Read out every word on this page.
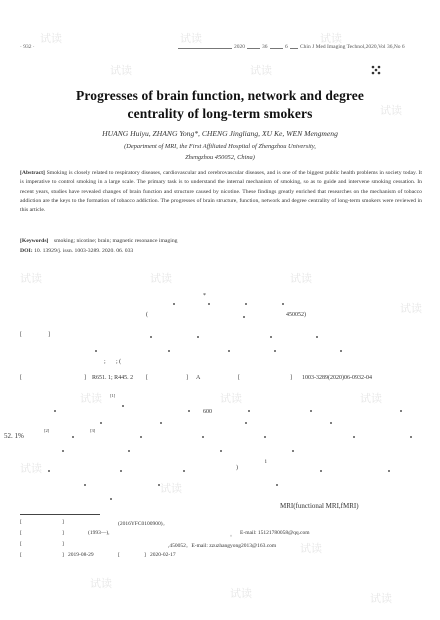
· 932 ·	2020	36	6	Chin J Med Imaging Technol,2020,Vol 36,No 6
Progresses of brain function, network and degree
centrality of long-term smokers
HUANG Huiyu, ZHANG Yong*, CHENG Jingliang, XU Ke, WEN Mengmeng
(Department of MRI, the First Affiliated Hospital of Zhengzhou University,
Zhengzhou 450052, China)
[Abstract] Smoking is closely related to respiratory diseases, cardiovascular and cerebrovascular diseases, and is one of the biggest public health problems in society today. It is imperative to control smoking in a large scale. The primary task is to understand the internal mechanism of smoking, so as to guide and intervene smoking cessation. In recent years, studies have revealed changes of brain function and structure caused by nicotine. These findings greatly enriched that researches on the mechanism of tobacco addiction are the keys to the formation of tobacco addiction. The progresses of brain structure, function, network and degree centrality of long-term smokers were reviewed in this article.
[Keywords] smoking; nicotine; brain; magnetic resonance imaging
DOI: 10. 13929/j. issn. 1003-3289. 2020. 06. 033
*
(	450052)
[	]
; ; (
[	] R651. 1; R445. 2 [	] A	[	] 1003-3289(2020)06-0932-04
[1]
600
52. 1%
[2]	[3]
i
)
MRI(functional MRI,fMRI)
[	]	(2016YFC0100900)。
[	]	(1993—),	。 E-mail: 15121780058@qq.com
[	]	,450052。E-mail: zzuzhangyong2013@163.com
[	] 2019-08-29	[	] 2020-02-17
试读	试读	试读
试读	试读
试读
试读	试读	试读
试读
试读	试读	试读
试读
试读
试读
试读
试读	试读
